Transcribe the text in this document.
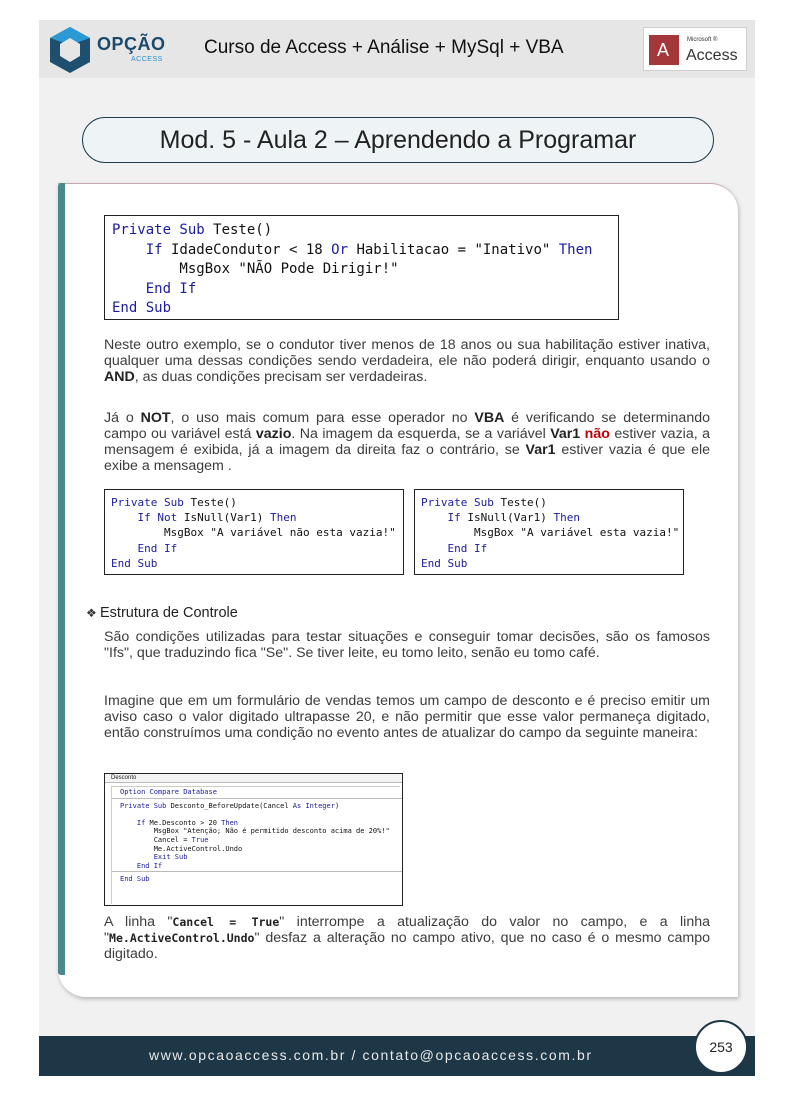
OPÇÃO
ACCESS
Curso de Access + Análise + MySql + VBA	A	Microsoft ®
Access
Mod. 5 - Aula 2 – Aprendendo a Programar
Private Sub Teste()
If IdadeCondutor < 18 Or Habilitacao = "Inativo" Then
MsgBox "NÃO Pode Dirigir!"
End If
End Sub

Neste outro exemplo, se o condutor tiver menos de 18 anos ou sua habilitação estiver inativa, qualquer uma dessas condições sendo verdadeira, ele não poderá dirigir, enquanto usando o AND, as duas condições precisam ser verdadeiras.

Já o NOT, o uso mais comum para esse operador no VBA é verificando se determinando campo ou variável está vazio. Na imagem da esquerda, se a variável Var1 não estiver vazia, a mensagem é exibida, já a imagem da direita faz o contrário, se Var1 estiver vazia é que ele exibe a mensagem .

Private Sub Teste()
If Not IsNull(Var1) Then
MsgBox "A variável não esta vazia!"
End If
End Sub
Private Sub Teste()
If IsNull(Var1) Then
MsgBox "A variável esta vazia!"
End If
End Sub
❖ Estrutura de Controle

São condições utilizadas para testar situações e conseguir tomar decisões, são os famosos "Ifs", que traduzindo fica "Se". Se tiver leite, eu tomo leito, senão eu tomo café.

Imagine que em um formulário de vendas temos um campo de desconto e é preciso emitir um aviso caso o valor digitado ultrapasse 20, e não permitir que esse valor permaneça digitado, então construímos uma condição no evento antes de atualizar do campo da seguinte maneira:

Desconto
Option Compare Database
Private Sub Desconto_BeforeUpdate(Cancel As Integer)

If Me.Desconto > 20 Then
MsgBox "Atenção; Não é permitido desconto acima de 20%!"
Cancel = True
Me.ActiveControl.Undo
Exit Sub
End If
End Sub

A linha "Cancel = True" interrompe a atualização do valor no campo, e a linha "Me.ActiveControl.Undo" desfaz a alteração no campo ativo, que no caso é o mesmo campo digitado.

www.opcaoaccess.com.br / contato@opcaoaccess.com.br	253
